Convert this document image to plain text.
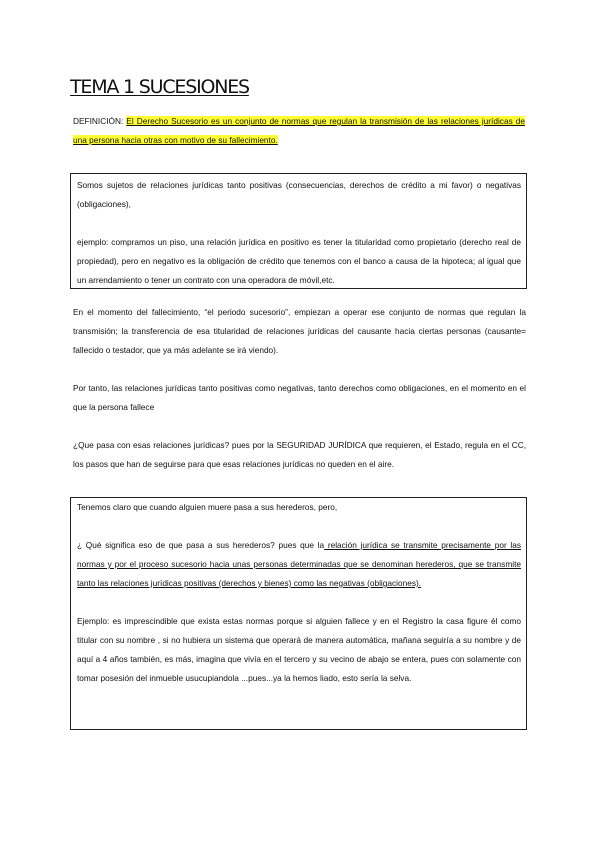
TEMA 1 SUCESIONES

DEFINICIÓN: El Derecho Sucesorio es un conjunto de normas que regulan la transmisión de las relaciones jurídicas de una persona hacia otras con motivo de su fallecimiento.

Somos sujetos de relaciones jurídicas tanto positivas (consecuencias, derechos de crédito a mi favor) o negativas (obligaciones),

ejemplo: compramos un piso, una relación jurídica en positivo es tener la titularidad como propietario (derecho real de propiedad), pero en negativo es la obligación de crédito que tenemos con el banco a causa de la hipoteca; al igual que un arrendamiento o tener un contrato con una operadora de móvil,etc.

En el momento del fallecimiento, “el periodo sucesorio”, empiezan a operar ese conjunto de normas que regulan la transmisión; la transferencia de esa titularidad de relaciones jurídicas del causante hacia ciertas personas (causante= fallecido o testador, que ya más adelante se irá viendo).

Por tanto, las relaciones jurídicas tanto positivas como negativas, tanto derechos como obligaciones, en el momento en el que la persona fallece

¿Que pasa con esas relaciones jurídicas? pues por la SEGURIDAD JURÍDICA que requieren, el Estado, regula en el CC, los pasos que han de seguirse para que esas relaciones jurídicas no queden en el aire.

Tenemos claro que cuando alguien muere pasa a sus herederos, pero,

¿ Qué significa eso de que pasa a sus herederos? pues que la relación jurídica se transmite precisamente por las normas y por el proceso sucesorio hacia unas personas determinadas que se denominan herederos, que se transmite tanto las relaciones jurídicas positivas (derechos y bienes) como las negativas (obligaciones).

Ejemplo: es imprescindible que exista estas normas porque si alguien fallece y en el Registro la casa figure él como titular con su nombre , si no hubiera un sistema que operará de manera automática, mañana seguiría a su nombre y de aquí a 4 años también, es más, imagina que vivía en el tercero y su vecino de abajo se entera, pues con solamente con tomar posesión del inmueble usucupiandola ...pues...ya la hemos liado, esto sería la selva.
